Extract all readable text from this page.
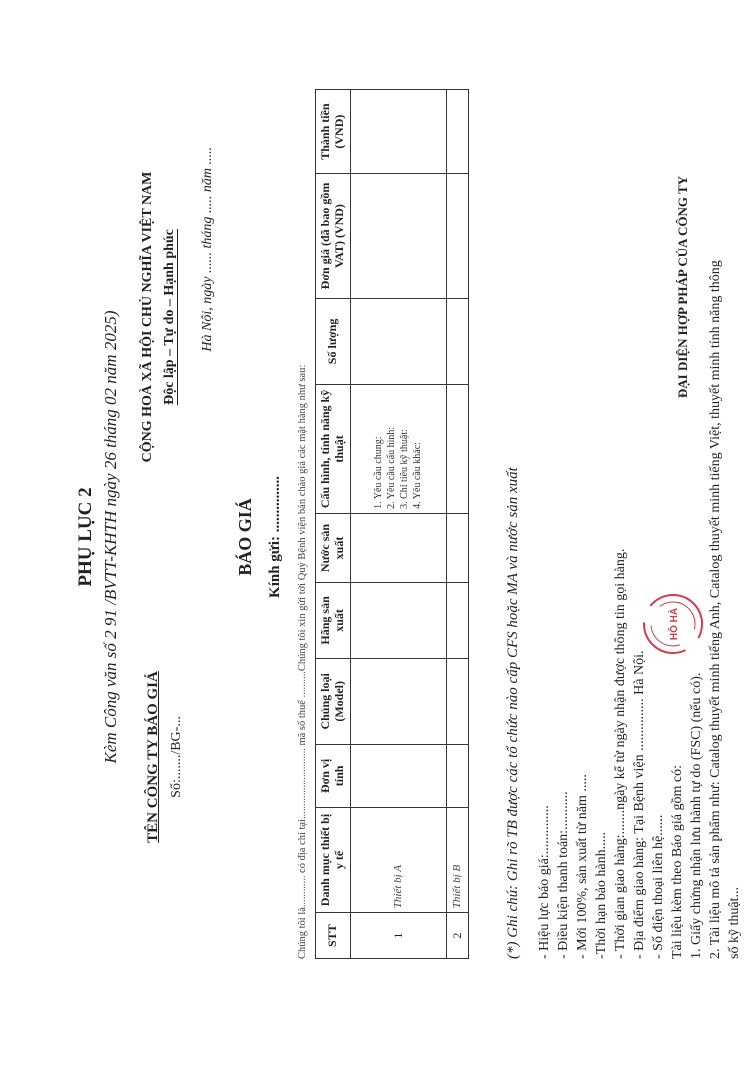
PHỤ LỤC 2 Kèm Công văn số 2 91 /BVTT-KHTH ngày 26 tháng 02 năm 2025) TÊN CÔNG TY BÁO GIÁ Số:......./BG-...
CỘNG HOÀ XÃ HỘI CHỦ NGHĨA VIỆT NAM Độc lập – Tự do – Hạnh phúc Hà Nội, ngày ...... tháng ..... năm .....
BÁO GIÁ Kính gửi: ............... Chúng tôi là............ có địa chỉ tại........................... mã số thuế ..........Chúng tôi xin gửi tới Quý Bệnh viện bản chào giá các mặt hàng như sau: STT	Danh mục thiết bị y tế	Đơn vị tính	Chủng loại (Model)	Hãng sản xuất	Nước sản xuất	Cấu hình, tính năng kỹ thuật	Số lượng	Đơn giá (đã bao gồm VAT) (VND)	Thành tiền (VND)
1	Thiết bị A					1. Yêu cầu chung: 2. Yêu cầu cấu hình: 3. Chỉ tiêu kỹ thuật: 4. Yêu cầu khác:			

2	Thiết bị B									(*) Ghi chú: Ghi rõ TB được các tổ chức nào cấp CFS hoặc MA và nước sản xuất - Hiệu lực báo giá:.............. - Điều kiện thanh toán:........... - Mới 100%, sản xuất từ năm ..... -Thời hạn bảo hành..... - Thời gian giao hàng:.......ngày kể từ ngày nhận được thông tin gọi hàng. - Địa điểm giao hàng: Tại Bệnh viện ............... Hà Nội. - Số điện thoại liên hệ...... Tài liệu kèm theo Báo giá gồm có: 1. Giấy chứng nhận lưu hành tự do (FSC) (nếu có). 2. Tài liệu mô tả sản phẩm như: Catalog thuyết minh tiếng Anh, Catalog thuyết minh tiếng Việt, thuyết minh tính năng thông số kỹ thuật...
HỒ HÀ
ĐẠI DIỆN HỢP PHÁP CỦA CÔNG TY
